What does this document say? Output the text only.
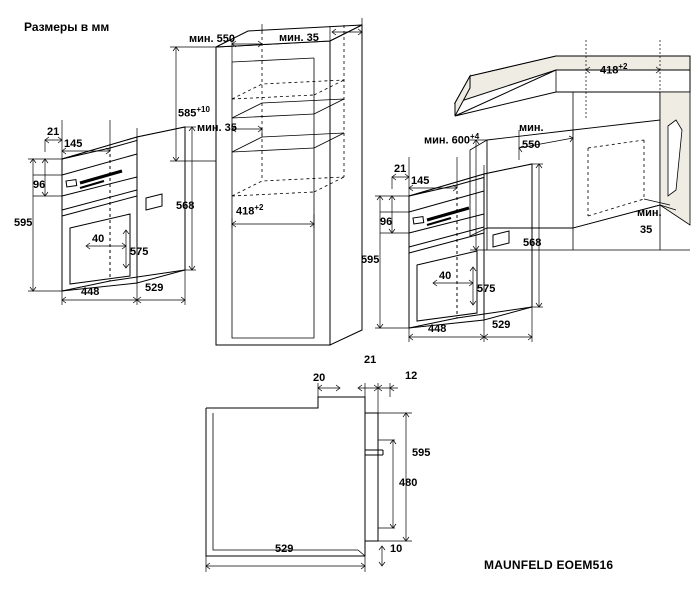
Размеры в мм
MAUNFELD EOEM516
21
145
96
595
40
575
448	529
568
мин. 550	мин. 35
$585^{+10}$
мин. 35
$418^{+2}$
21
145
96
595
40
575
448	529
568
$418^{+2}$
мин. $600^{+4}$
мин.
550
мин.
35
21
20	12
595
480
529	10
